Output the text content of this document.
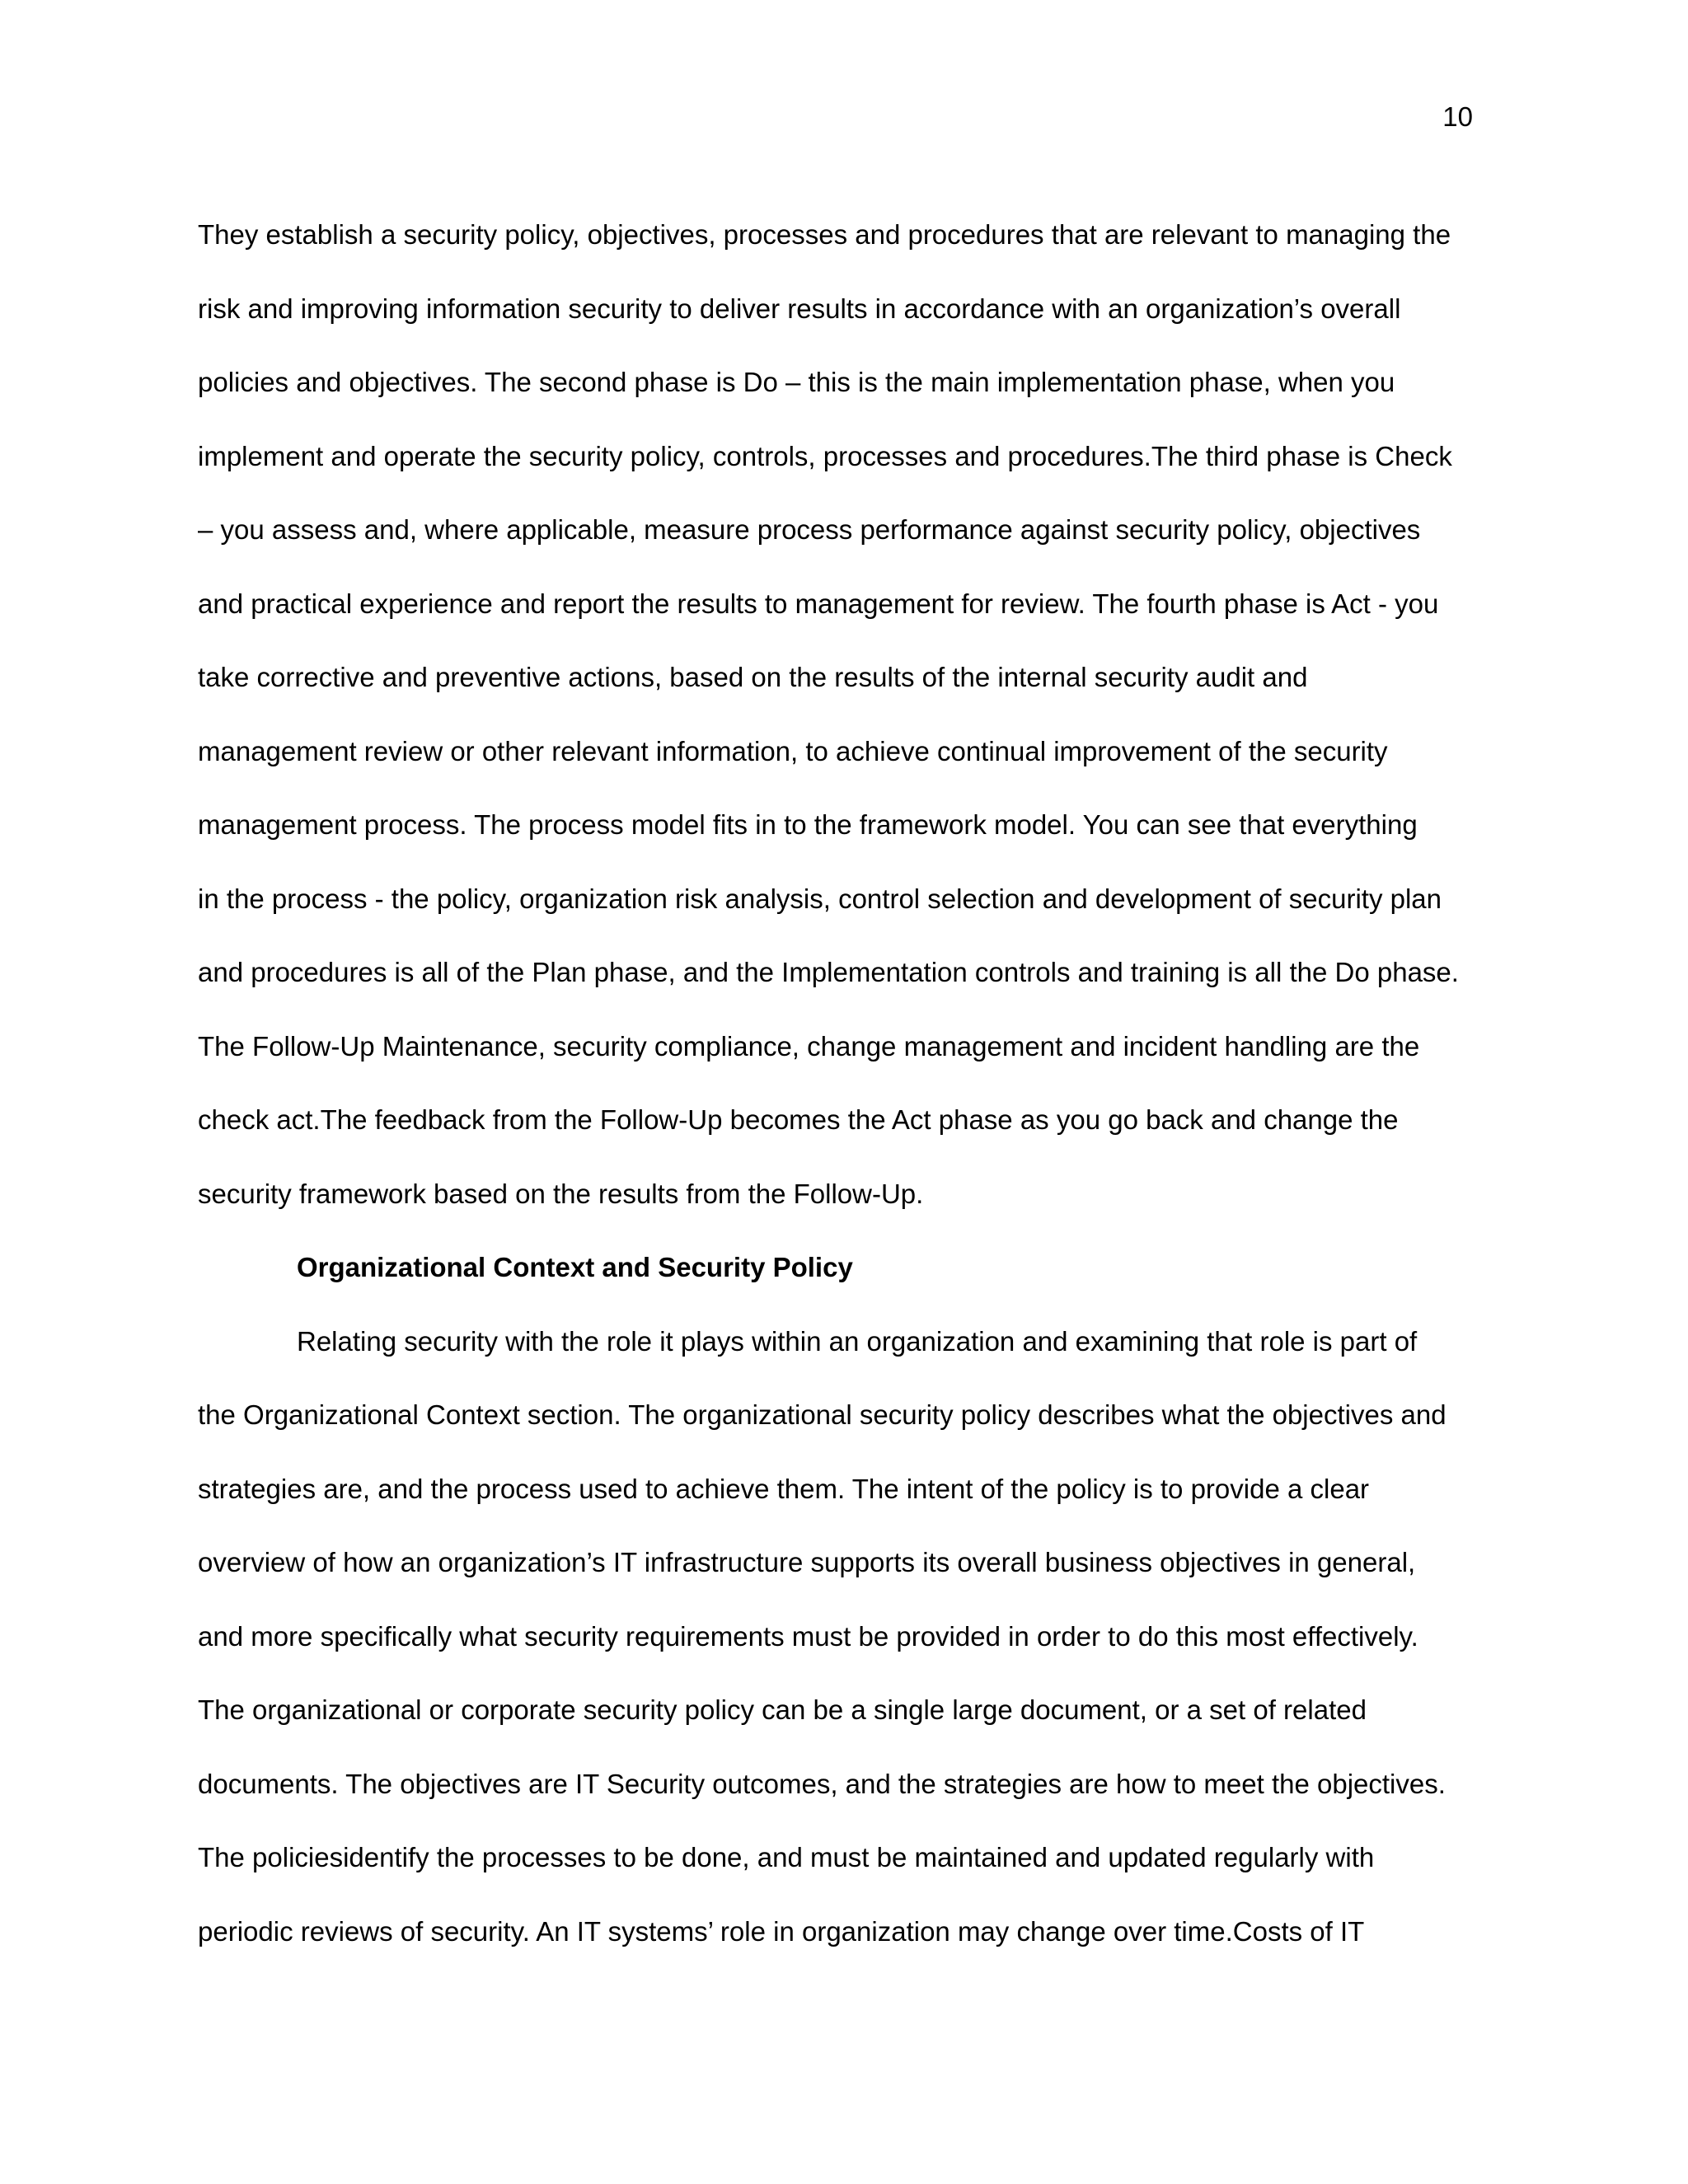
10

They establish a security policy, objectives, processes and procedures that are relevant to managing the
risk and improving information security to deliver results in accordance with an organization’s overall
policies and objectives. The second phase is Do – this is the main implementation phase, when you
implement and operate the security policy, controls, processes and procedures.The third phase is Check
– you assess and, where applicable, measure process performance against security policy, objectives
and practical experience and report the results to management for review. The fourth phase is Act - you
take corrective and preventive actions, based on the results of the internal security audit and
management review or other relevant information, to achieve continual improvement of the security
management process. The process model fits in to the framework model. You can see that everything
in the process - the policy, organization risk analysis, control selection and development of security plan
and procedures is all of the Plan phase, and the Implementation controls and training is all the Do phase.
The Follow-Up Maintenance, security compliance, change management and incident handling are the
check act.The feedback from the Follow-Up becomes the Act phase as you go back and change the
security framework based on the results from the Follow-Up.
Organizational Context and Security Policy
Relating security with the role it plays within an organization and examining that role is part of
the Organizational Context section. The organizational security policy describes what the objectives and
strategies are, and the process used to achieve them. The intent of the policy is to provide a clear
overview of how an organization’s IT infrastructure supports its overall business objectives in general,
and more specifically what security requirements must be provided in order to do this most effectively.
The organizational or corporate security policy can be a single large document, or a set of related
documents. The objectives are IT Security outcomes, and the strategies are how to meet the objectives.
The policiesidentify the processes to be done, and must be maintained and updated regularly with
periodic reviews of security. An IT systems’ role in organization may change over time.Costs of IT
